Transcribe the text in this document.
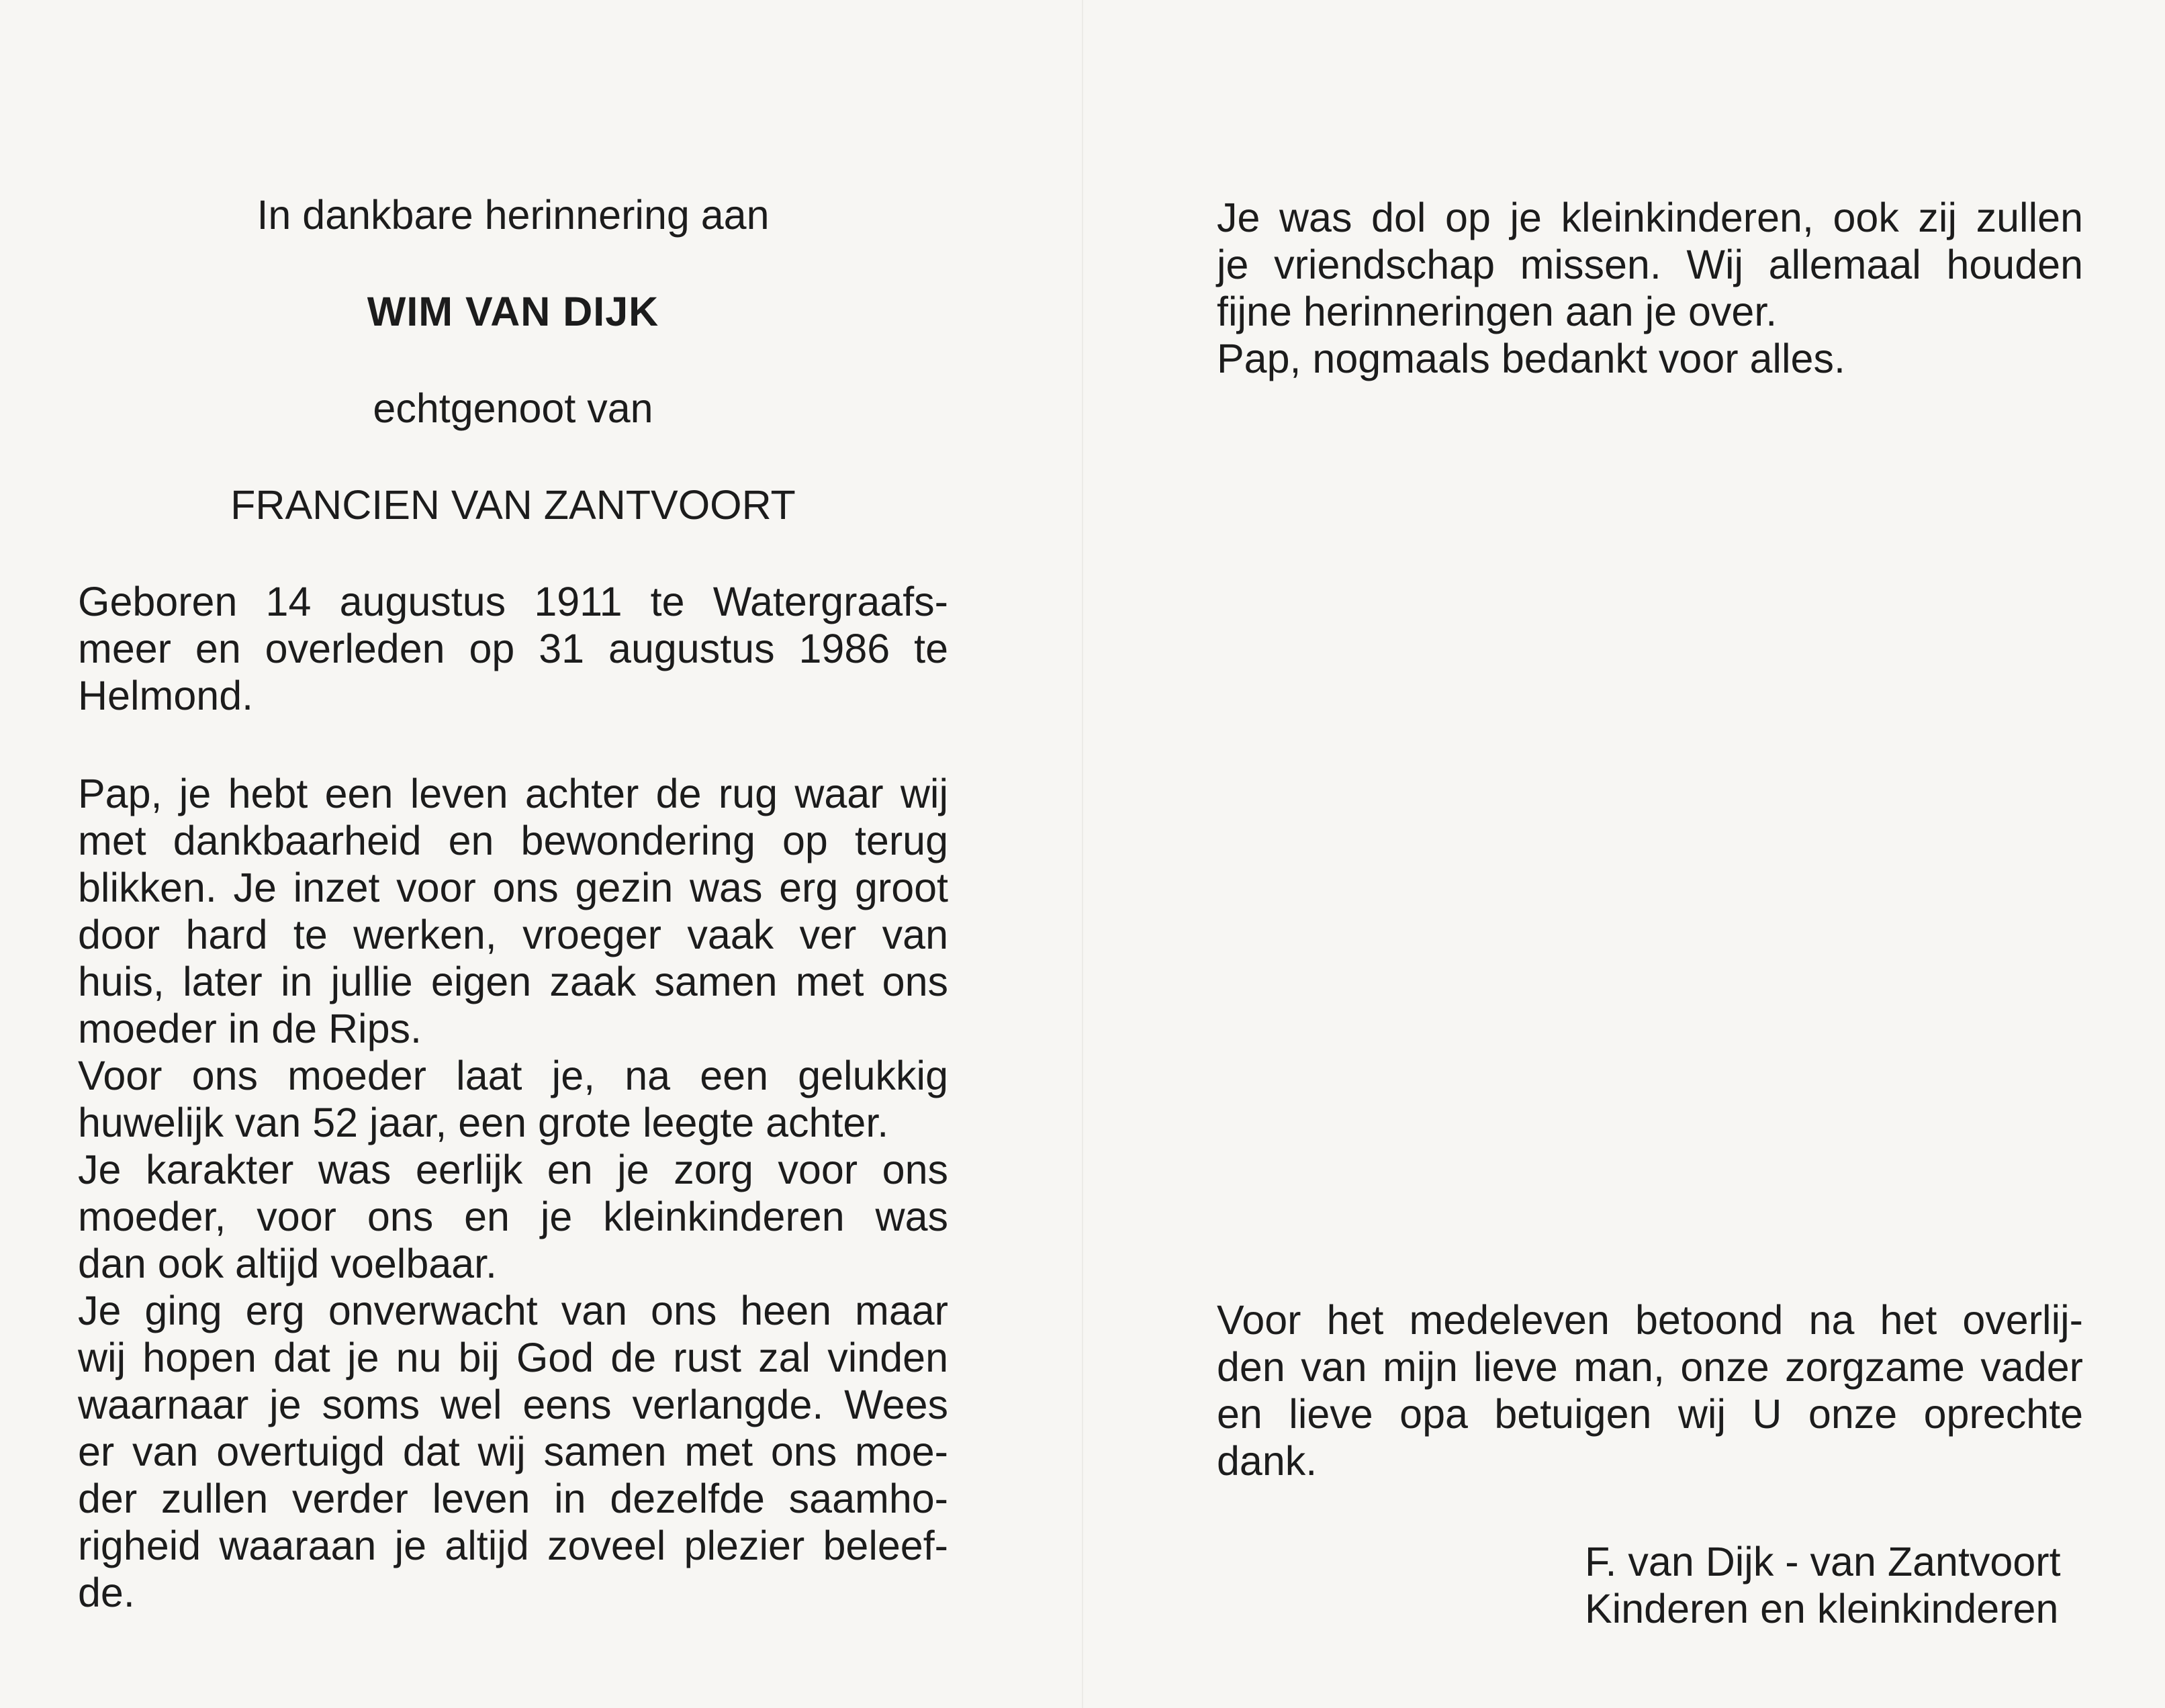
In dankbare herinnering aan
WIM VAN DIJK
echtgenoot van
FRANCIEN VAN ZANTVOORT
Geboren 14 augustus 1911 te Watergraafs-
meer en overleden op 31 augustus 1986 te
Helmond.
Pap, je hebt een leven achter de rug waar wij
met dankbaarheid en bewondering op terug
blikken. Je inzet voor ons gezin was erg groot
door hard te werken, vroeger vaak ver van
huis, later in jullie eigen zaak samen met ons
moeder in de Rips.
Voor ons moeder laat je, na een gelukkig
huwelijk van 52 jaar, een grote leegte achter.
Je karakter was eerlijk en je zorg voor ons
moeder, voor ons en je kleinkinderen was
dan ook altijd voelbaar.
Je ging erg onverwacht van ons heen maar
wij hopen dat je nu bij God de rust zal vinden
waarnaar je soms wel eens verlangde. Wees
er van overtuigd dat wij samen met ons moe-
der zullen verder leven in dezelfde saamho-
righeid waaraan je altijd zoveel plezier beleef-
de.
Je was dol op je kleinkinderen, ook zij zullen
je vriendschap missen. Wij allemaal houden
fijne herinneringen aan je over.
Pap, nogmaals bedankt voor alles.
Voor het medeleven betoond na het overlij-
den van mijn lieve man, onze zorgzame vader
en lieve opa betuigen wij U onze oprechte
dank.
F. van Dijk - van Zantvoort
Kinderen en kleinkinderen
